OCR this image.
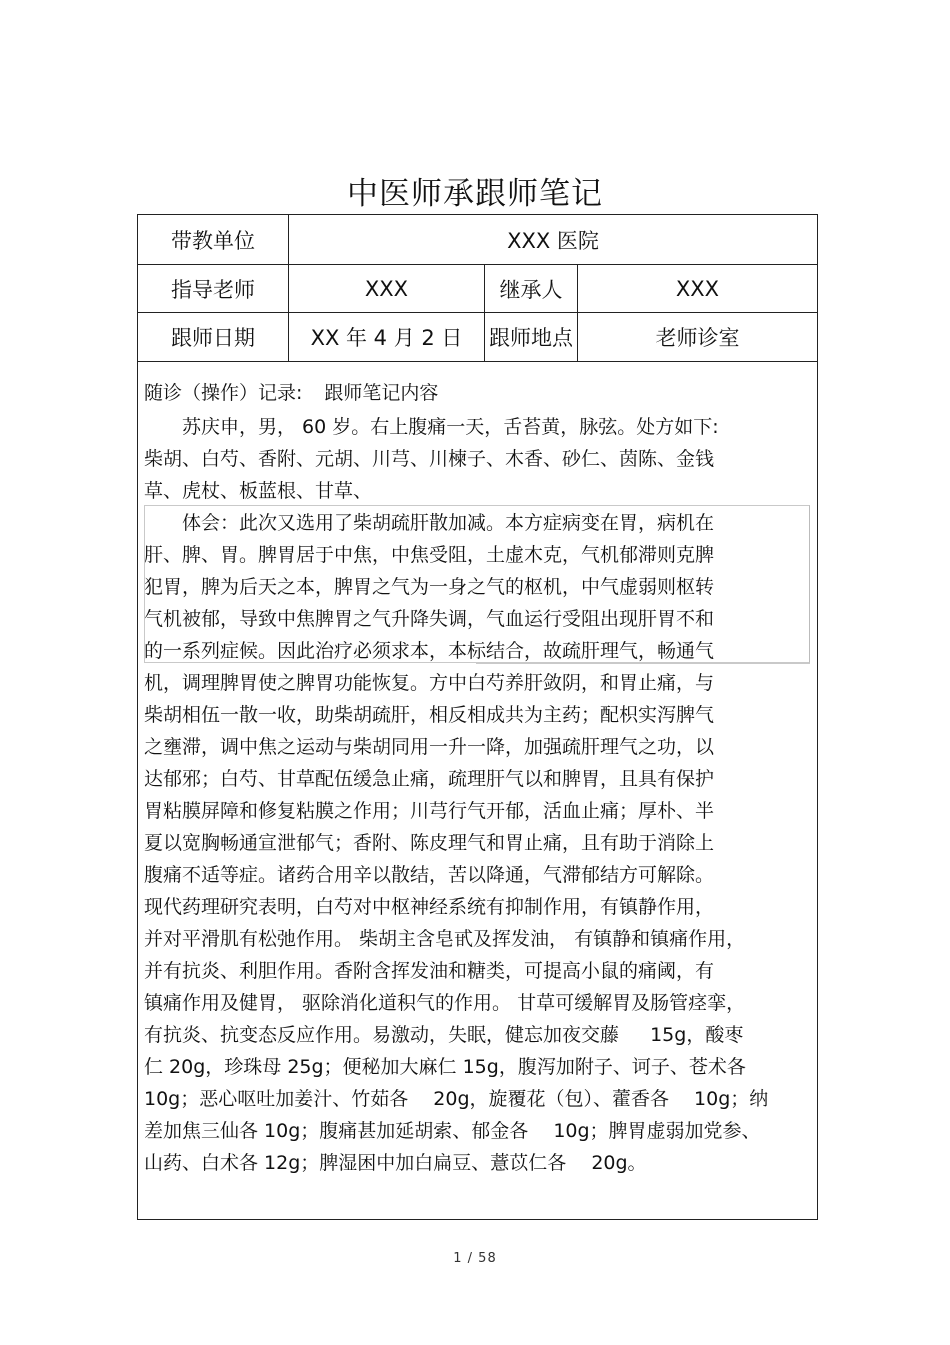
中医师承跟师笔记
带教单位	XXX 医院
指导老师	XXX	继承人	XXX
跟师日期	XX 年 4 月 2 日	跟师地点	老师诊室
随诊（操作）记录: 跟师笔记内容

　　苏庆申，男， 60 岁。右上腹痛一天，舌苔黄，脉弦。处方如下:

柴胡、白芍、香附、元胡、川芎、川楝子、木香、砂仁、茵陈、金钱

草、虎杖、板蓝根、甘草、

　　体会：此次又选用了柴胡疏肝散加减。本方症病变在胃，病机在

肝、脾、胃。脾胃居于中焦，中焦受阻，土虚木克，气机郁滞则克脾

犯胃，脾为后天之本，脾胃之气为一身之气的枢机，中气虚弱则枢转

气机被郁，导致中焦脾胃之气升降失调，气血运行受阻出现肝胃不和

的一系列症候。因此治疗必须求本，本标结合，故疏肝理气，畅通气

机，调理脾胃使之脾胃功能恢复。方中白芍养肝敛阴，和胃止痛，与

柴胡相伍一散一收，助柴胡疏肝，相反相成共为主药；配枳实泻脾气

之壅滞，调中焦之运动与柴胡同用一升一降，加强疏肝理气之功，以

达郁邪；白芍、甘草配伍缓急止痛，疏理肝气以和脾胃，且具有保护

胃粘膜屏障和修复粘膜之作用；川芎行气开郁，活血止痛；厚朴、半

夏以宽胸畅通宣泄郁气；香附、陈皮理气和胃止痛，且有助于消除上

腹痛不适等症。诸药合用辛以散结，苦以降通，气滞郁结方可解除。

现代药理研究表明，白芍对中枢神经系统有抑制作用，有镇静作用，

并对平滑肌有松弛作用。 柴胡主含皂甙及挥发油， 有镇静和镇痛作用，

并有抗炎、利胆作用。香附含挥发油和糖类，可提高小鼠的痛阈，有

镇痛作用及健胃， 驱除消化道积气的作用。 甘草可缓解胃及肠管痉挛，

有抗炎、抗变态反应作用。易激动，失眠，健忘加夜交藤 　 15g，酸枣

仁 20g，珍珠母 25g；便秘加大麻仁 15g，腹泻加附子、诃子、苍术各

10g；恶心呕吐加姜汁、竹茹各 　20g，旋覆花（包）、藿香各 　10g；纳

差加焦三仙各 10g；腹痛甚加延胡索、郁金各 　10g；脾胃虚弱加党参、

山药、白术各 12g；脾湿困中加白扁豆、薏苡仁各 　20g。

1 / 58
